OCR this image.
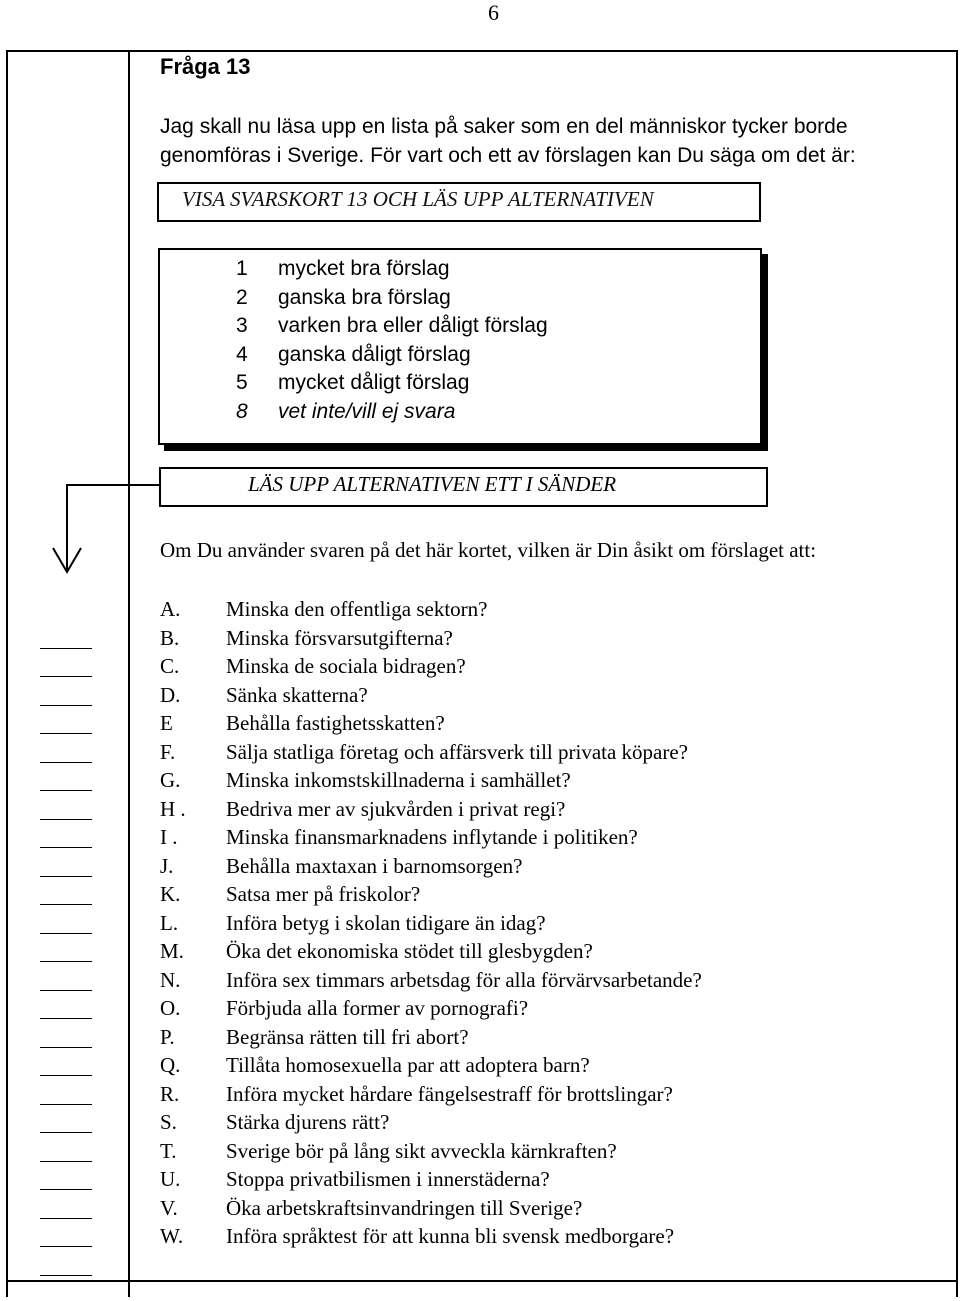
6
Fråga 13
Jag skall nu läsa upp en lista på saker som en del människor tycker borde genomföras i Sverige. För vart och ett av förslagen kan Du säga om det är:
VISA SVARSKORT 13 OCH LÄS UPP ALTERNATIVEN
1	mycket bra förslag
2	ganska bra förslag
3	varken bra eller dåligt förslag
4	ganska dåligt förslag
5	mycket dåligt förslag
8	vet inte/vill ej svara
LÄS UPP ALTERNATIVEN ETT I SÄNDER
Om Du använder svaren på det här kortet, vilken är Din åsikt om förslaget att:
A.	Minska den offentliga sektorn?
B.	Minska försvarsutgifterna?
C.	Minska de sociala bidragen?
D.	Sänka skatterna?
E	Behålla fastighetsskatten?
F.	Sälja statliga företag och affärsverk till privata köpare?
G.	Minska inkomstskillnaderna i samhället?
H .	Bedriva mer av sjukvården i privat regi?
I .	Minska finansmarknadens inflytande i politiken?
J.	Behålla maxtaxan i barnomsorgen?
K.	Satsa mer på friskolor?
L.	Införa betyg i skolan tidigare än idag?
M.	Öka det ekonomiska stödet till glesbygden?
N.	Införa sex timmars arbetsdag för alla förvärvsarbetande?
O.	Förbjuda alla former av pornografi?
P.	Begränsa rätten till fri abort?
Q.	Tillåta homosexuella par att adoptera barn?
R.	Införa mycket hårdare fängelsestraff för brottslingar?
S.	Stärka djurens rätt?
T.	Sverige bör på lång sikt avveckla kärnkraften?
U.	Stoppa privatbilismen i innerstäderna?
V.	Öka arbetskraftsinvandringen till Sverige?
W.	Införa språktest för att kunna bli svensk medborgare?
